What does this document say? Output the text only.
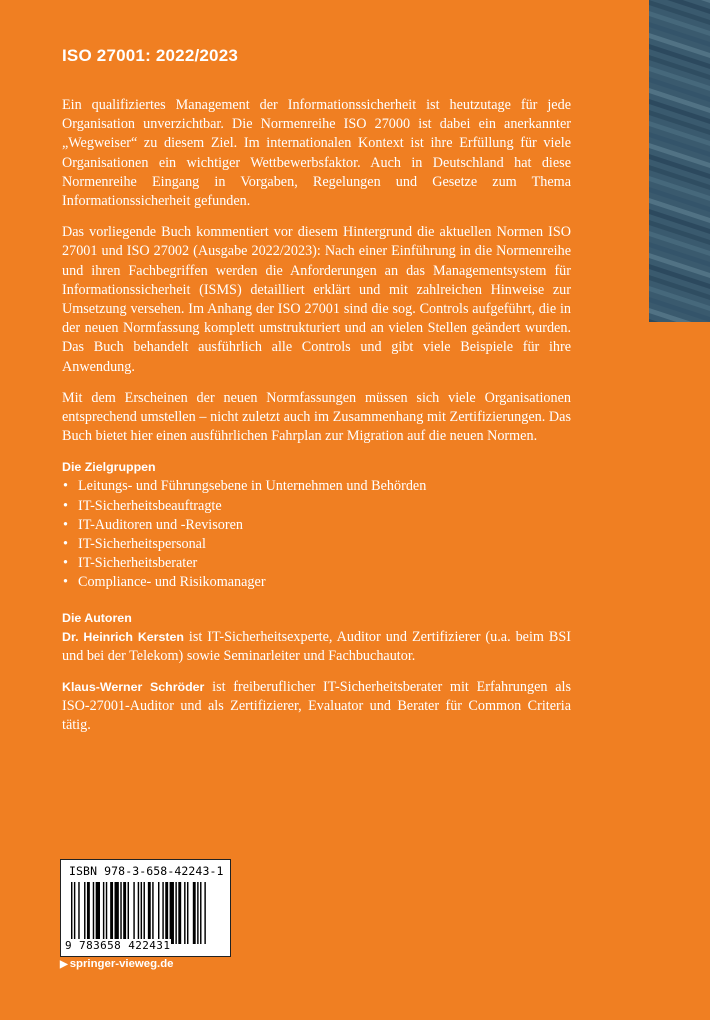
ISO 27001: 2022/2023

Ein qualifiziertes Management der Informationssicherheit ist heutzutage für jede Organisation unverzichtbar. Die Normenreihe ISO 27000 ist dabei ein anerkannter „Wegweiser“ zu diesem Ziel. Im internationalen Kontext ist ihre Erfüllung für viele Organisationen ein wichtiger Wettbewerbsfaktor. Auch in Deutschland hat diese Normenreihe Eingang in Vorgaben, Regelungen und Gesetze zum Thema Informationssicherheit gefunden.

Das vorliegende Buch kommentiert vor diesem Hintergrund die aktuellen Normen ISO 27001 und ISO 27002 (Ausgabe 2022/2023): Nach einer Einführung in die Normenreihe und ihren Fachbegriffen werden die Anforderungen an das Managementsystem für Informationssicherheit (ISMS) detailliert erklärt und mit zahlreichen Hinweise zur Umsetzung versehen. Im Anhang der ISO 27001 sind die sog. Controls aufgeführt, die in der neuen Normfassung komplett umstrukturiert und an vielen Stellen geändert wurden. Das Buch behandelt ausführlich alle Controls und gibt viele Beispiele für ihre Anwendung.

Mit dem Erscheinen der neuen Normfassungen müssen sich viele Organisationen entsprechend umstellen – nicht zuletzt auch im Zusammenhang mit Zertifizierungen. Das Buch bietet hier einen ausführlichen Fahrplan zur Migration auf die neuen Normen.

Die Zielgruppen
• Leitungs- und Führungsebene in Unternehmen und Behörden
• IT-Sicherheitsbeauftragte
• IT-Auditoren und -Revisoren
• IT-Sicherheitspersonal
• IT-Sicherheitsberater
• Compliance- und Risikomanager
Die Autoren

Dr. Heinrich Kersten ist IT-Sicherheitsexperte, Auditor und Zertifizierer (u.a. beim BSI und bei der Telekom) sowie Seminarleiter und Fachbuchautor.

Klaus-Werner Schröder ist freiberuflicher IT-Sicherheitsberater mit Erfahrungen als ISO-27001-Auditor und als Zertifizierer, Evaluator und Berater für Common Criteria tätig.

ISBN 978-3-658-42243-1
9 783658 422431
▶ springer-vieweg.de
